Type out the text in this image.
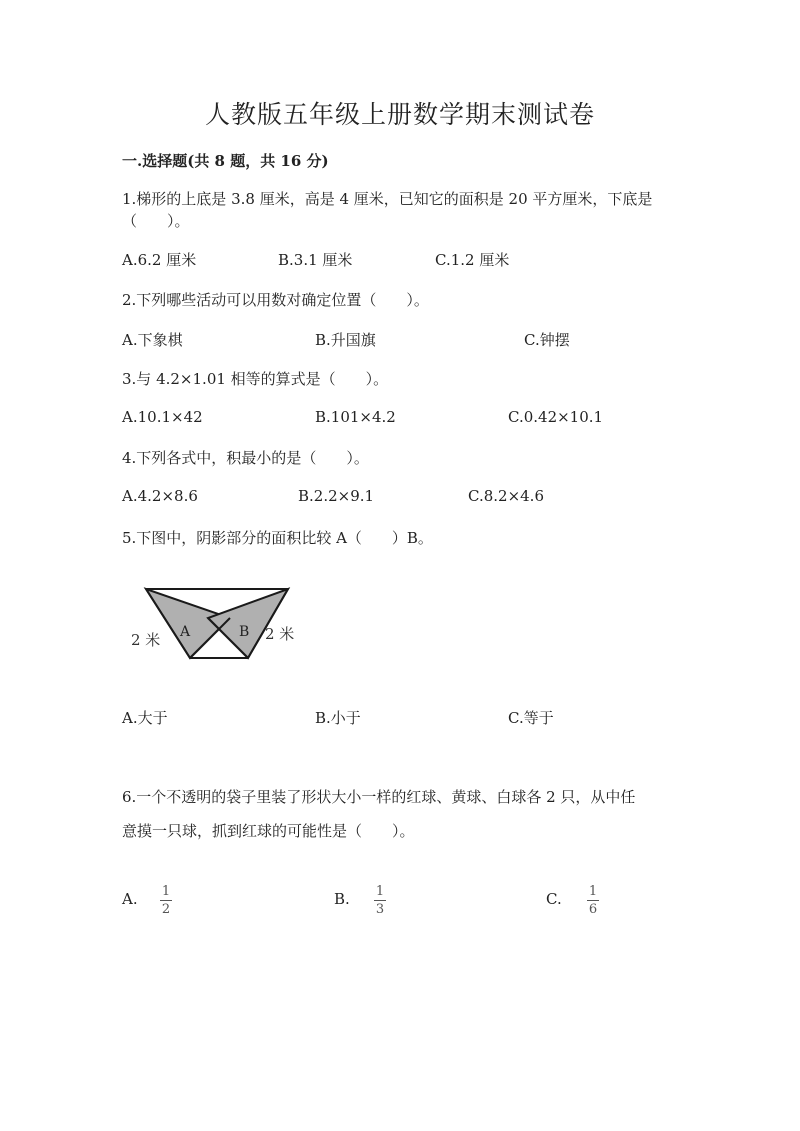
人教版五年级上册数学期末测试卷
一.选择题(共 8 题，共 16 分)
1.梯形的上底是 3.8 厘米，高是 4 厘米，已知它的面积是 20 平方厘米，下底是
（　　）。
A.6.2 厘米	B.3.1 厘米	C.1.2 厘米
2.下列哪些活动可以用数对确定位置（　　）。
A.下象棋	B.升国旗	C.钟摆
3.与 4.2×1.01 相等的算式是（　　）。
A.10.1×42	B.101×4.2	C.0.42×10.1
4.下列各式中，积最小的是（　　）。
A.4.2×8.6	B.2.2×9.1	C.8.2×4.6
5.下图中，阴影部分的面积比较 A（　　）B。
2 米 A	B 2 米
A.大于	B.小于	C.等于
6.一个不透明的袋子里装了形状大小一样的红球、黄球、白球各 2 只，从中任
意摸一只球，抓到红球的可能性是（　　）。
A. 1
2
B. 1
3
C. 1
6
